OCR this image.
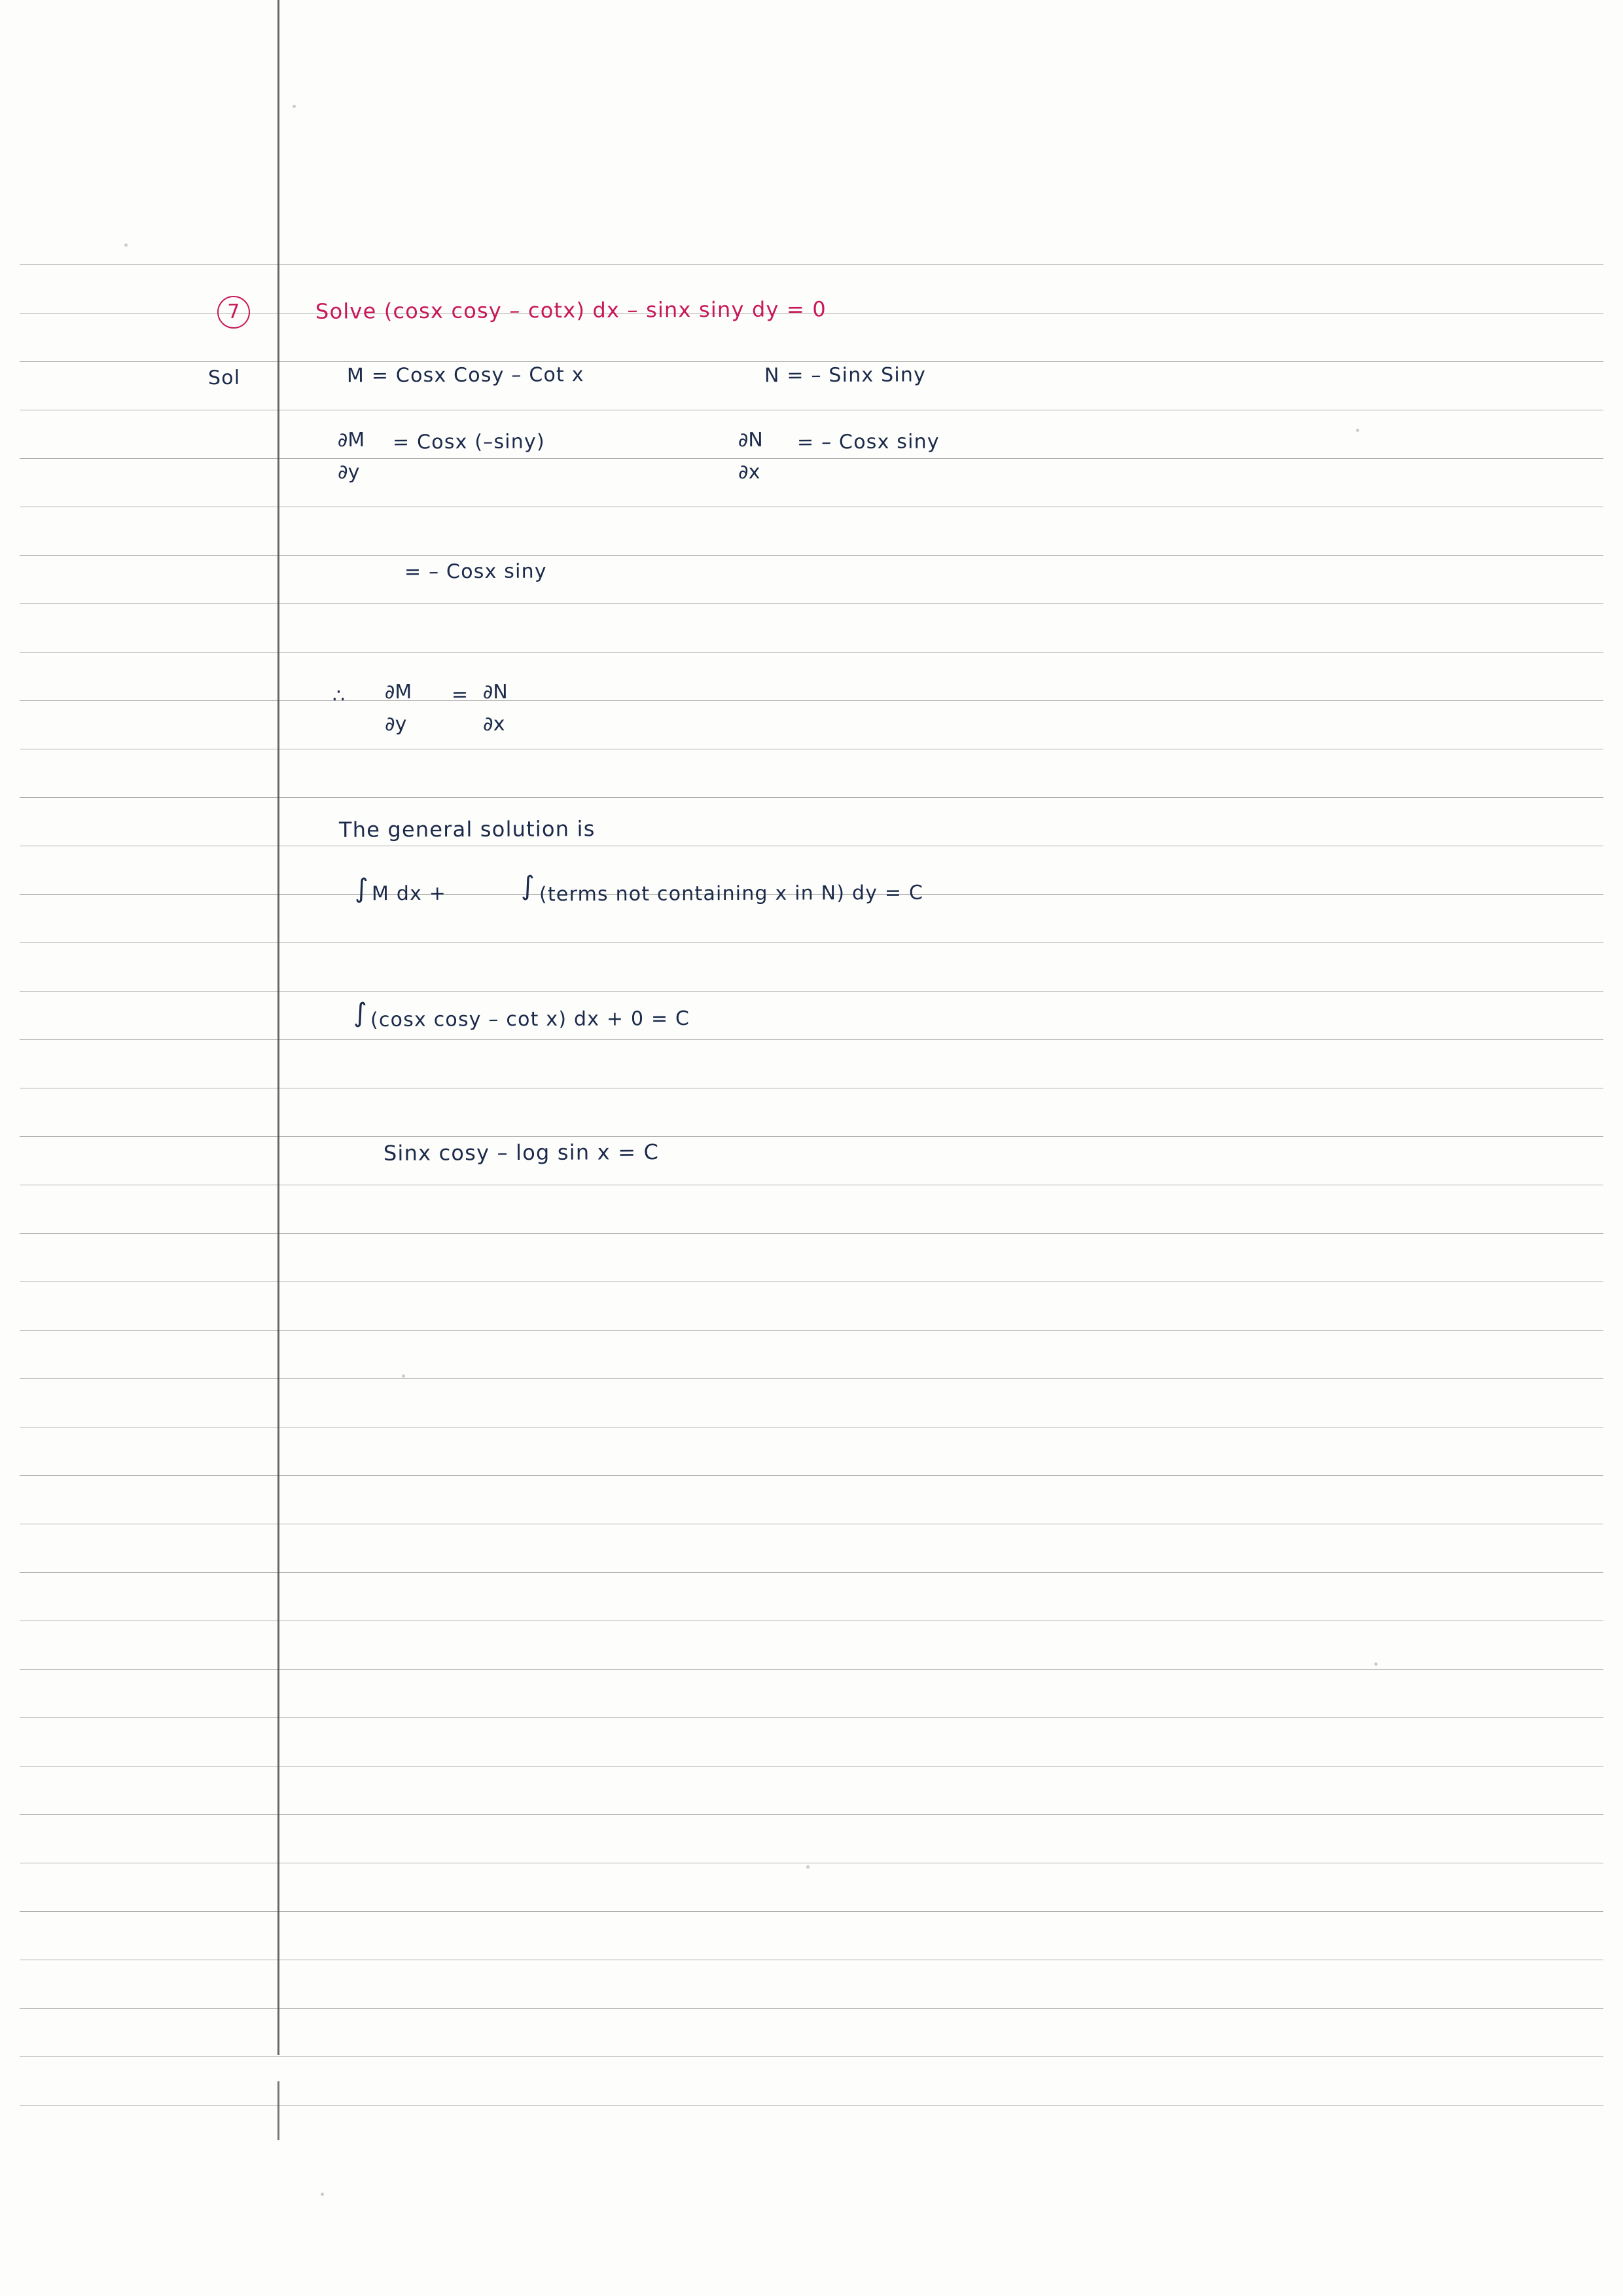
7	Solve (cosx cosy – cotx) dx – sinx siny dy = 0
Sol	M = Cosx Cosy – Cot x	N = – Sinx Siny
∂M
∂y
= Cosx (–siny)	∂N
∂x
= – Cosx siny
= – Cosx siny
∴ ∂M
∂y
= ∂N
∂x
The general solution is
∫ M dx +	∫ (terms not containing x in N) dy = C
∫ (cosx cosy – cot x) dx + 0 = C
Sinx cosy – log sin x = C
